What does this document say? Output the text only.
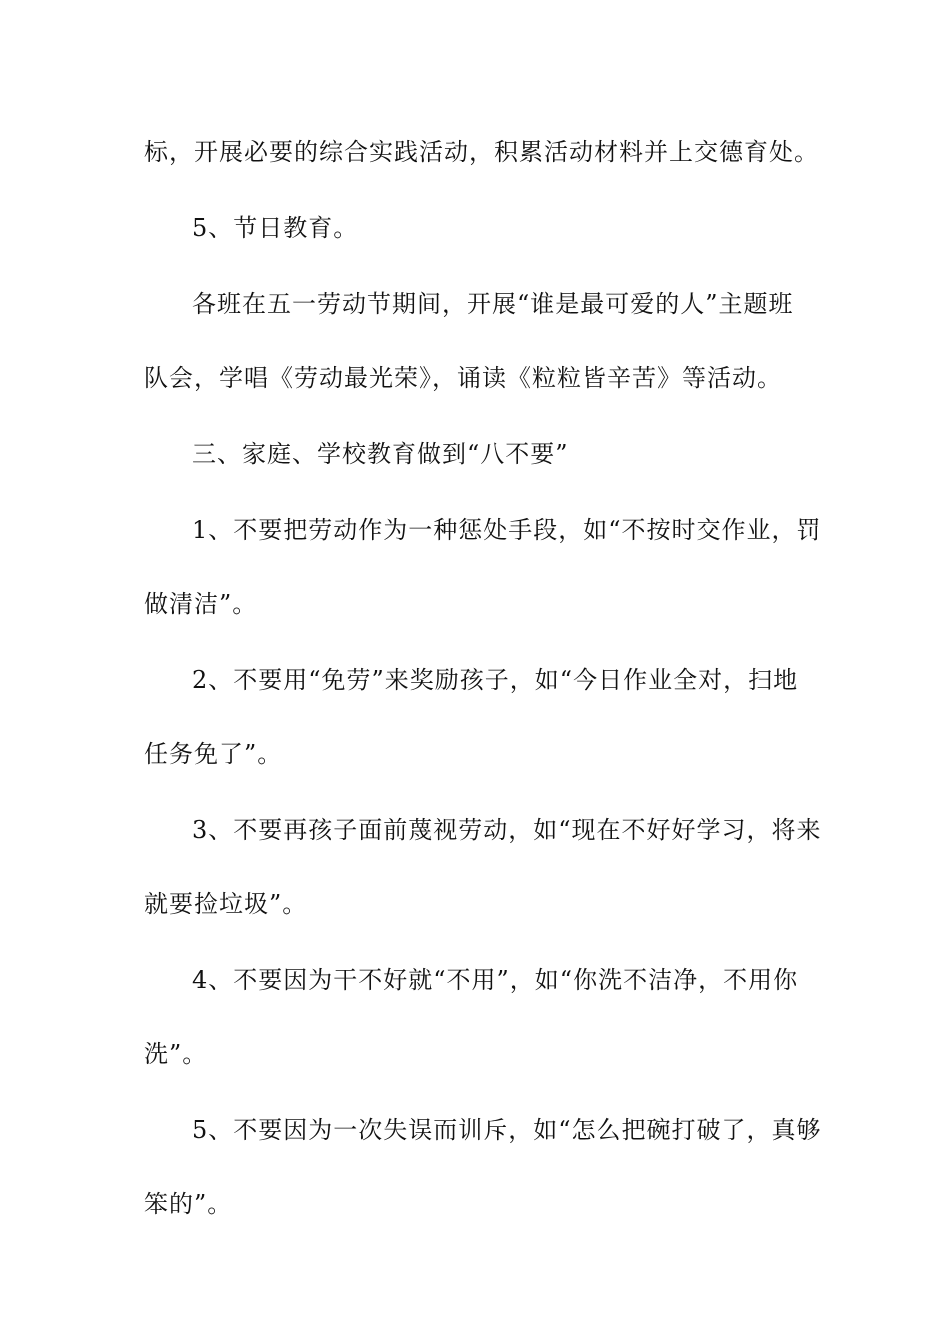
标，开展必要的综合实践活动，积累活动材料并上交德育处。
5、节日教育。
各班在五一劳动节期间，开展“谁是最可爱的人”主题班
队会，学唱《劳动最光荣》，诵读《粒粒皆辛苦》等活动。
三、家庭、学校教育做到“八不要”
1、不要把劳动作为一种惩处手段，如“不按时交作业，罚
做清洁”。
2、不要用“免劳”来奖励孩子，如“今日作业全对，扫地
任务免了”。
3、不要再孩子面前蔑视劳动，如“现在不好好学习，将来
就要捡垃圾”。
4、不要因为干不好就“不用”，如“你洗不洁净，不用你
洗”。
5、不要因为一次失误而训斥，如“怎么把碗打破了，真够
笨的”。
